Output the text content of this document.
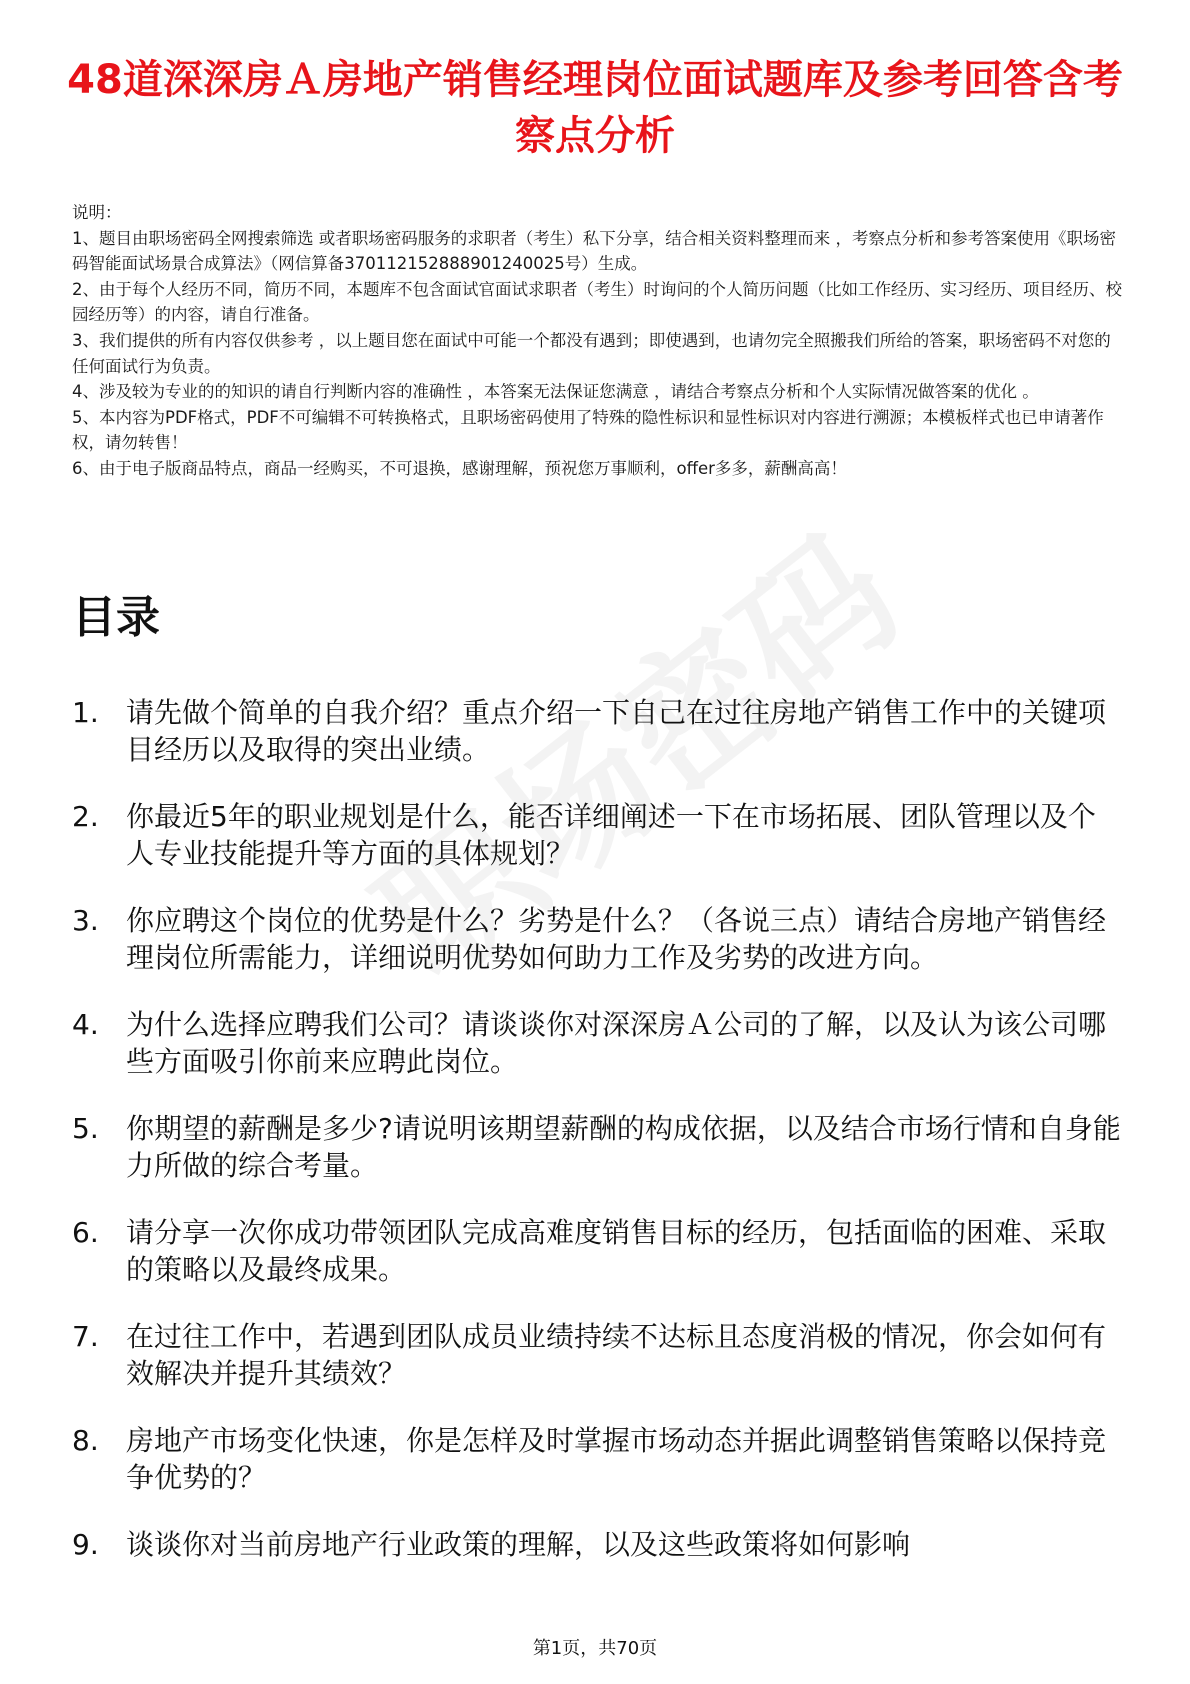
48道深深房Ａ房地产销售经理岗位面试题库及参考回答含考察点分析

说明：

1、题目由职场密码全网搜索筛选 或者职场密码服务的求职者（考生）私下分享，结合相关资料整理而来 ，考察点分析和参考答案使用《职场密码智能面试场景合成算法》（网信算备370112152888901240025号）生成。

2、由于每个人经历不同，简历不同，本题库不包含面试官面试求职者（考生）时询问的个人简历问题（比如工作经历、实习经历、项目经历、校园经历等）的内容，请自行准备。

3、我们提供的所有内容仅供参考 ，以上题目您在面试中可能一个都没有遇到；即使遇到，也请勿完全照搬我们所给的答案，职场密码不对您的任何面试行为负责。

4、涉及较为专业的的知识的请自行判断内容的准确性 ，本答案无法保证您满意 ，请结合考察点分析和个人实际情况做答案的优化 。

5、本内容为PDF格式，PDF不可编辑不可转换格式，且职场密码使用了特殊的隐性标识和显性标识对内容进行溯源；本模板样式也已申请著作权，请勿转售！

6、由于电子版商品特点，商品一经购买，不可退换，感谢理解，预祝您万事顺利，offer多多，薪酬高高！

目录
1. 请先做个简单的自我介绍？重点介绍一下自己在过往房地产销售工作中的关键项目经历以及取得的突出业绩。
2. 你最近5年的职业规划是什么，能否详细阐述一下在市场拓展、团队管理以及个人专业技能提升等方面的具体规划？
3. 你应聘这个岗位的优势是什么？劣势是什么？（各说三点）请结合房地产销售经理岗位所需能力，详细说明优势如何助力工作及劣势的改进方向。
4. 为什么选择应聘我们公司？请谈谈你对深深房Ａ公司的了解，以及认为该公司哪些方面吸引你前来应聘此岗位。
5. 你期望的薪酬是多少?请说明该期望薪酬的构成依据，以及结合市场行情和自身能力所做的综合考量。
6. 请分享一次你成功带领团队完成高难度销售目标的经历，包括面临的困难、采取的策略以及最终成果。
7. 在过往工作中，若遇到团队成员业绩持续不达标且态度消极的情况，你会如何有效解决并提升其绩效？
8. 房地产市场变化快速，你是怎样及时掌握市场动态并据此调整销售策略以保持竞争优势的？
9. 谈谈你对当前房地产行业政策的理解，以及这些政策将如何影响
第1页，共70页
